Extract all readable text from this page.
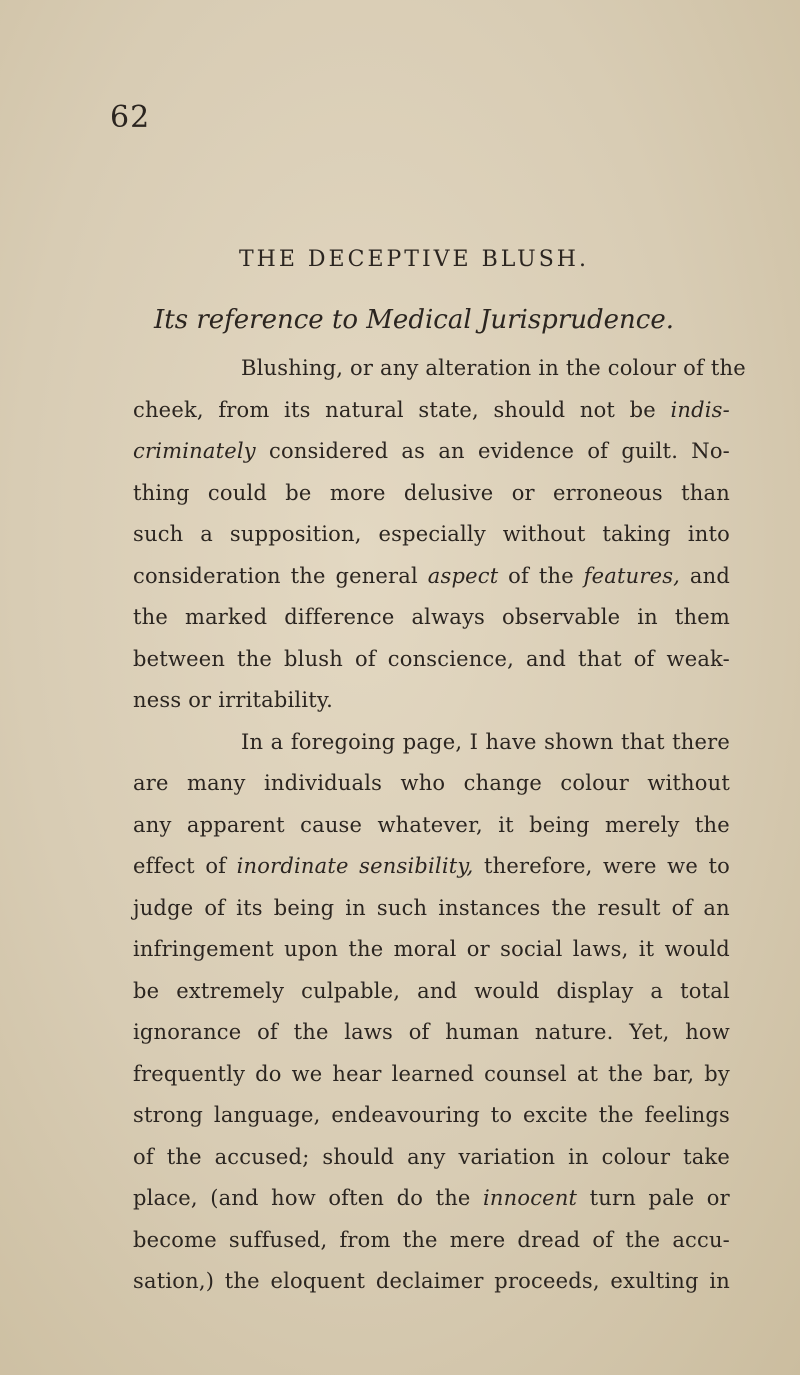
62
THE DECEPTIVE BLUSH.
Its reference to Medical Jurisprudence.
Blushing, or any alteration in the colour of the
cheek, from its natural state, should not be indis-
criminately considered as an evidence of guilt. No-
thing could be more delusive or erroneous than
such a supposition, especially without taking into
consideration the general aspect of the features, and
the marked difference always observable in them
between the blush of conscience, and that of weak-
ness or irritability.
In a foregoing page, I have shown that there
are many individuals who change colour without
any apparent cause whatever, it being merely the
effect of inordinate sensibility, therefore, were we to
judge of its being in such instances the result of an
infringement upon the moral or social laws, it would
be extremely culpable, and would display a total
ignorance of the laws of human nature. Yet, how
frequently do we hear learned counsel at the bar, by
strong language, endeavouring to excite the feelings
of the accused; should any variation in colour take
place, (and how often do the innocent turn pale or
become suffused, from the mere dread of the accu-
sation,) the eloquent declaimer proceeds, exulting in
